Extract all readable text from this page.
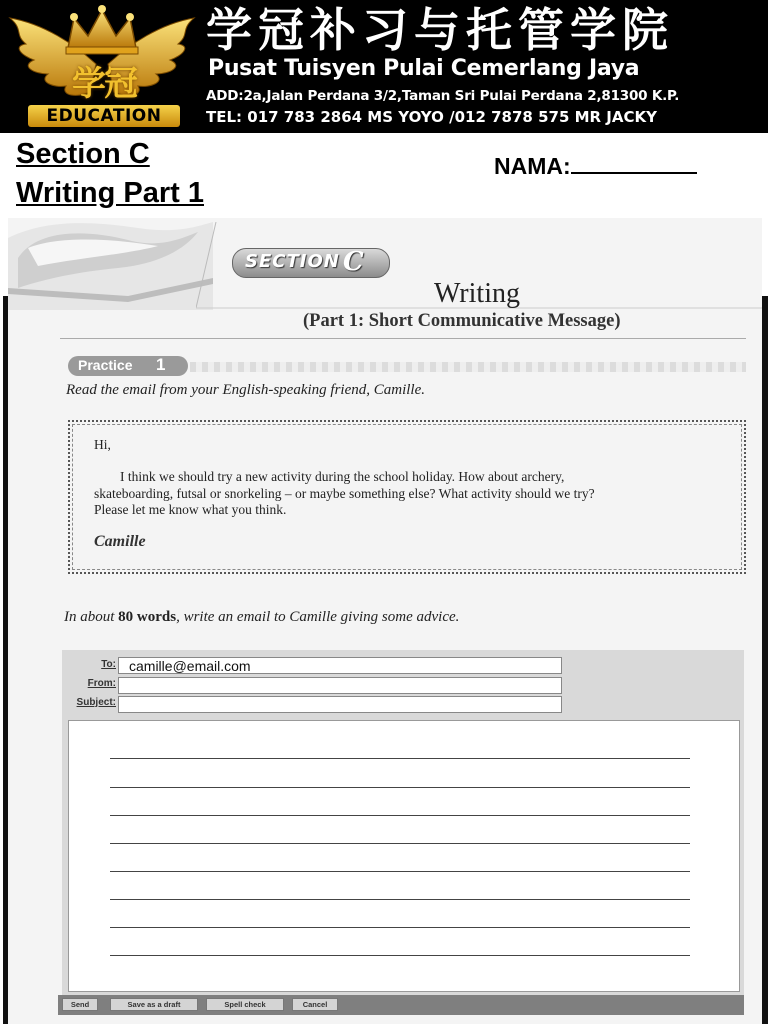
学冠
EDUCATION
学冠补习与托管学院
Pusat Tuisyen Pulai Cemerlang Jaya
ADD:2a,Jalan Perdana 3/2,Taman Sri Pulai Perdana 2,81300 K.P.
TEL: 017 783 2864 MS YOYO /012 7878 575 MR JACKY
Section C
Writing Part 1
NAMA:
SECTION C
Writing
(Part 1: Short Communicative Message)
Practice 1
Read the email from your English-speaking friend, Camille.
Hi,
I think we should try a new activity during the school holiday. How about archery,
skateboarding, futsal or snorkeling – or maybe something else? What activity should we try?
Please let me know what you think.
Camille
In about 80 words, write an email to Camille giving some advice.
To: camille@email.com
From:
Subject:
Send	Save as a draft	Spell check	Cancel
